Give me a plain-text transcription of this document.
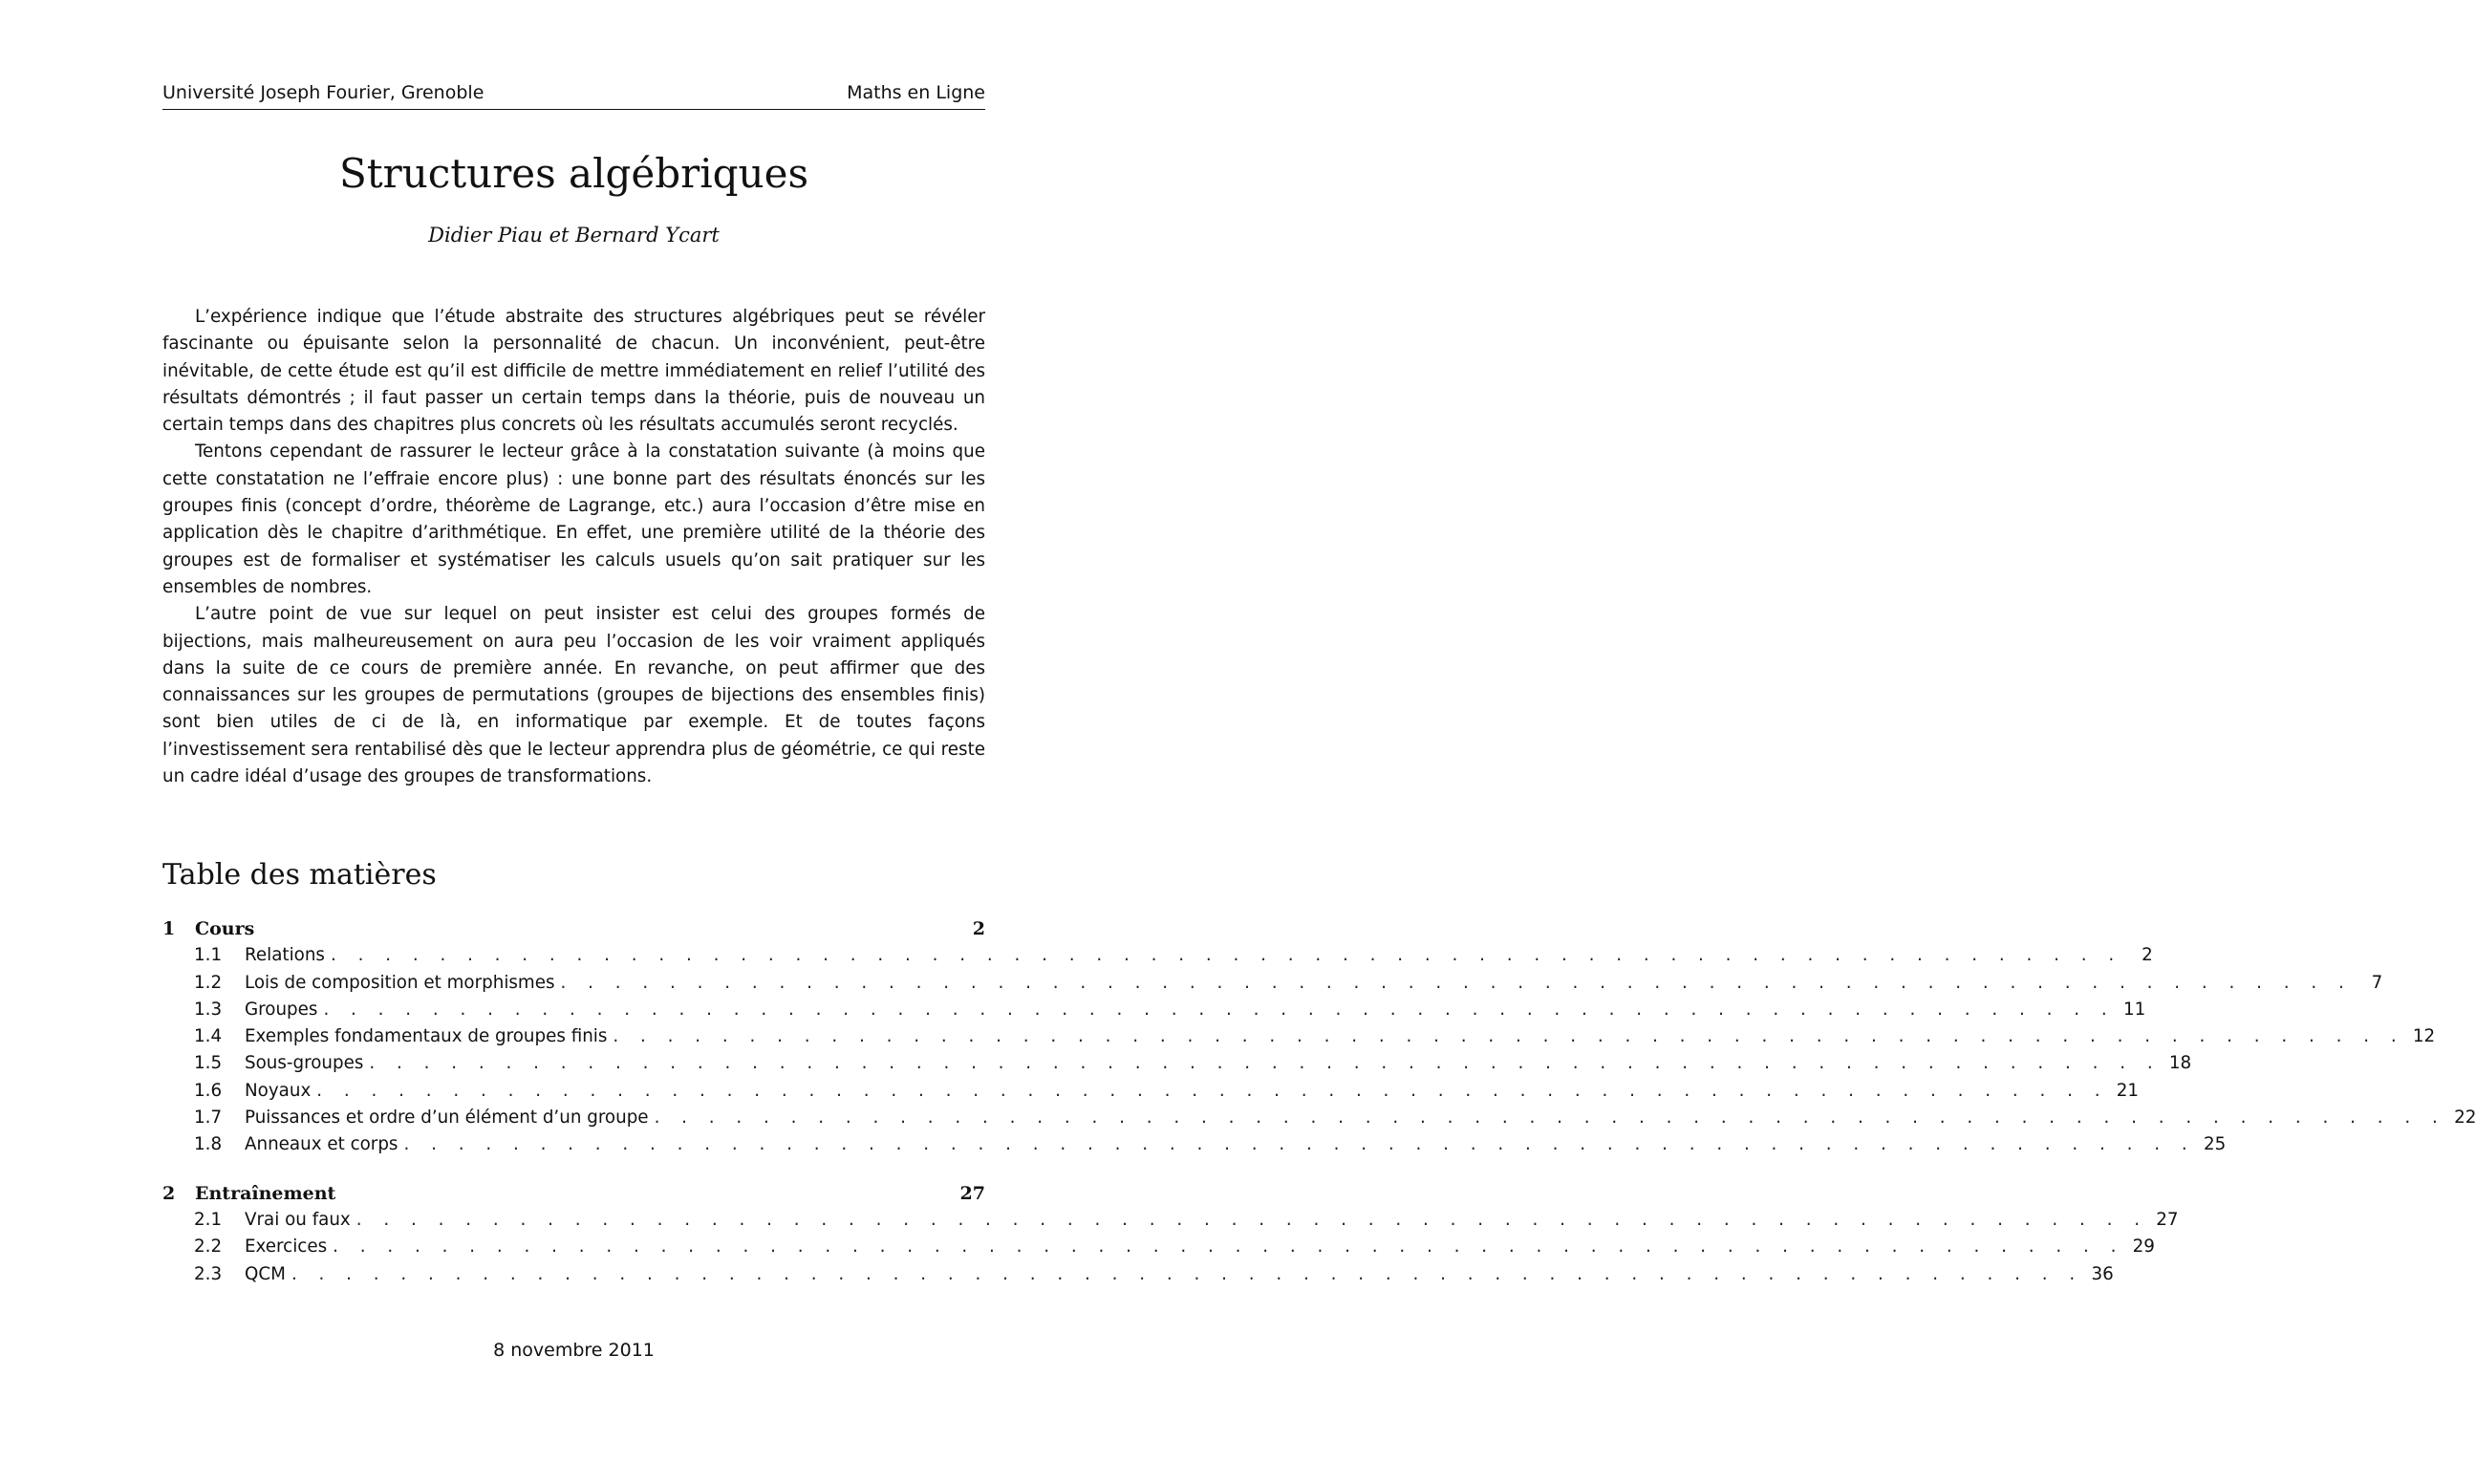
Université Joseph Fourier, Grenoble	Maths en Ligne
Structures algébriques
Didier Piau et Bernard Ycart

L’expérience indique que l’étude abstraite des structures algébriques peut se révéler fascinante ou épuisante selon la personnalité de chacun. Un inconvénient, peut-être inévitable, de cette étude est qu’il est difficile de mettre immédiatement en relief l’utilité des résultats démontrés ; il faut passer un certain temps dans la théorie, puis de nouveau un certain temps dans des chapitres plus concrets où les résultats accumulés seront recyclés.

Tentons cependant de rassurer le lecteur grâce à la constatation suivante (à moins que cette constatation ne l’effraie encore plus) : une bonne part des résultats énoncés sur les groupes finis (concept d’ordre, théorème de Lagrange, etc.) aura l’occasion d’être mise en application dès le chapitre d’arithmétique. En effet, une première utilité de la théorie des groupes est de formaliser et systématiser les calculs usuels qu’on sait pratiquer sur les ensembles de nombres.

L’autre point de vue sur lequel on peut insister est celui des groupes formés de bijections, mais malheureusement on aura peu l’occasion de les voir vraiment appliqués dans la suite de ce cours de première année. En revanche, on peut affirmer que des connaissances sur les groupes de permutations (groupes de bijections des ensembles finis) sont bien utiles de ci de là, en informatique par exemple. Et de toutes façons l’investissement sera rentabilisé dès que le lecteur apprendra plus de géométrie, ce qui reste un cadre idéal d’usage des groupes de transformations.

Table des matières
1	Cours	2
1.1	Relations . . . . . . . . . . . . . . . . . . . . . . . . . . . . . . . . . . . . . . . . . . . . . . . . . . . . . . . . . . . . . . . . . .	2
1.2	Lois de composition et morphismes . . . . . . . . . . . . . . . . . . . . . . . . . . . . . . . . . . . . . . . . . . . . . . . . . . . . . . . . . . . . . . . . . .	7
1.3	Groupes . . . . . . . . . . . . . . . . . . . . . . . . . . . . . . . . . . . . . . . . . . . . . . . . . . . . . . . . . . . . . . . . . . 11
1.4	Exemples fondamentaux de groupes finis . . . . . . . . . . . . . . . . . . . . . . . . . . . . . . . . . . . . . . . . . . . . . . . . . . . . . . . . . . . . . . . . . . 12
1.5	Sous-groupes . . . . . . . . . . . . . . . . . . . . . . . . . . . . . . . . . . . . . . . . . . . . . . . . . . . . . . . . . . . . . . . . . . 18
1.6	Noyaux . . . . . . . . . . . . . . . . . . . . . . . . . . . . . . . . . . . . . . . . . . . . . . . . . . . . . . . . . . . . . . . . . . 21
1.7	Puissances et ordre d’un élément d’un groupe . . . . . . . . . . . . . . . . . . . . . . . . . . . . . . . . . . . . . . . . . . . . . . . . . . . . . . . . . . . . . . . . . . 22
1.8	Anneaux et corps . . . . . . . . . . . . . . . . . . . . . . . . . . . . . . . . . . . . . . . . . . . . . . . . . . . . . . . . . . . . . . . . . . 25
2	Entraînement	27
2.1	Vrai ou faux . . . . . . . . . . . . . . . . . . . . . . . . . . . . . . . . . . . . . . . . . . . . . . . . . . . . . . . . . . . . . . . . . . 27
2.2	Exercices . . . . . . . . . . . . . . . . . . . . . . . . . . . . . . . . . . . . . . . . . . . . . . . . . . . . . . . . . . . . . . . . . . 29
2.3	QCM . . . . . . . . . . . . . . . . . . . . . . . . . . . . . . . . . . . . . . . . . . . . . . . . . . . . . . . . . . . . . . . . . . 36
8 novembre 2011
